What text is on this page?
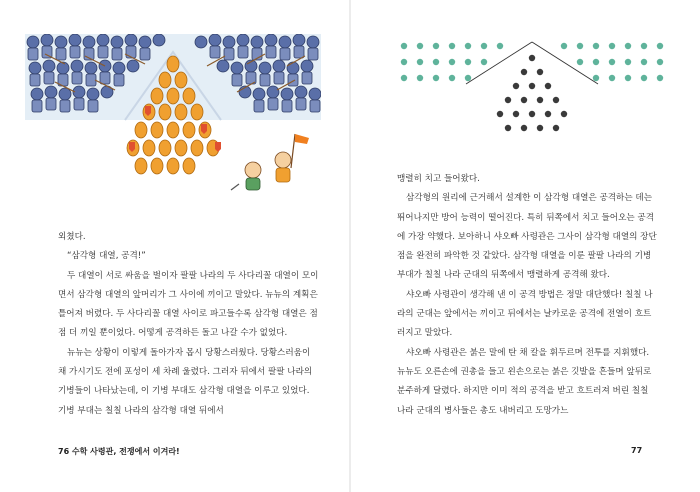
외쳤다.

“삼각형 대열, 공격!”

두 대열이 서로 싸움을 벌이자 팔팔 나라의 두 사다리꼴 대열이 모이면서 삼각형 대열의 앞머리가 그 사이에 끼이고 말았다. 뉴뉴의 계획은 틀어져 버렸다. 두 사다리꼴 대열 사이로 파고들수록 삼각형 대열은 점점 더 끼일 뿐이었다. 어떻게 공격하든 돌고 나갈 수가 없었다.

뉴뉴는 상황이 이렇게 돌아가자 몹시 당황스러웠다. 당황스러움이 채 가시기도 전에 포성이 세 차례 울렸다. 그러자 뒤에서 팔팔 나라의 기병들이 나타났는데, 이 기병 부대도 삼각형 대열을 이루고 있었다. 기병 부대는 칠칠 나라의 삼각형 대열 뒤에서

76 수학 사령관, 전쟁에서 이겨라!

맹렬히 치고 들어왔다.

삼각형의 원리에 근거해서 설계한 이 삼각형 대열은 공격하는 데는 뛰어나지만 방어 능력이 떨어진다. 특히 뒤쪽에서 치고 들어오는 공격에 가장 약했다. 보아하니 샤오빠 사령관은 그사이 삼각형 대열의 장단점을 완전히 파악한 것 같았다. 삼각형 대열을 이룬 팔팔 나라의 기병 부대가 칠칠 나라 군대의 뒤쪽에서 맹렬하게 공격해 왔다.

샤오빠 사령관이 생각해 낸 이 공격 방법은 정말 대단했다! 칠칠 나라의 군대는 앞에서는 끼이고 뒤에서는 날카로운 공격에 전열이 흐트러지고 말았다.

샤오빠 사령관은 붉은 말에 탄 채 칼을 휘두르며 전투를 지휘했다. 뉴뉴도 오른손에 권총을 들고 왼손으로는 붉은 깃발을 흔들며 앞뒤로 분주하게 달렸다. 하지만 이미 적의 공격을 받고 흐트러져 버린 칠칠 나라 군대의 병사들은 총도 내버리고 도망가느

77
